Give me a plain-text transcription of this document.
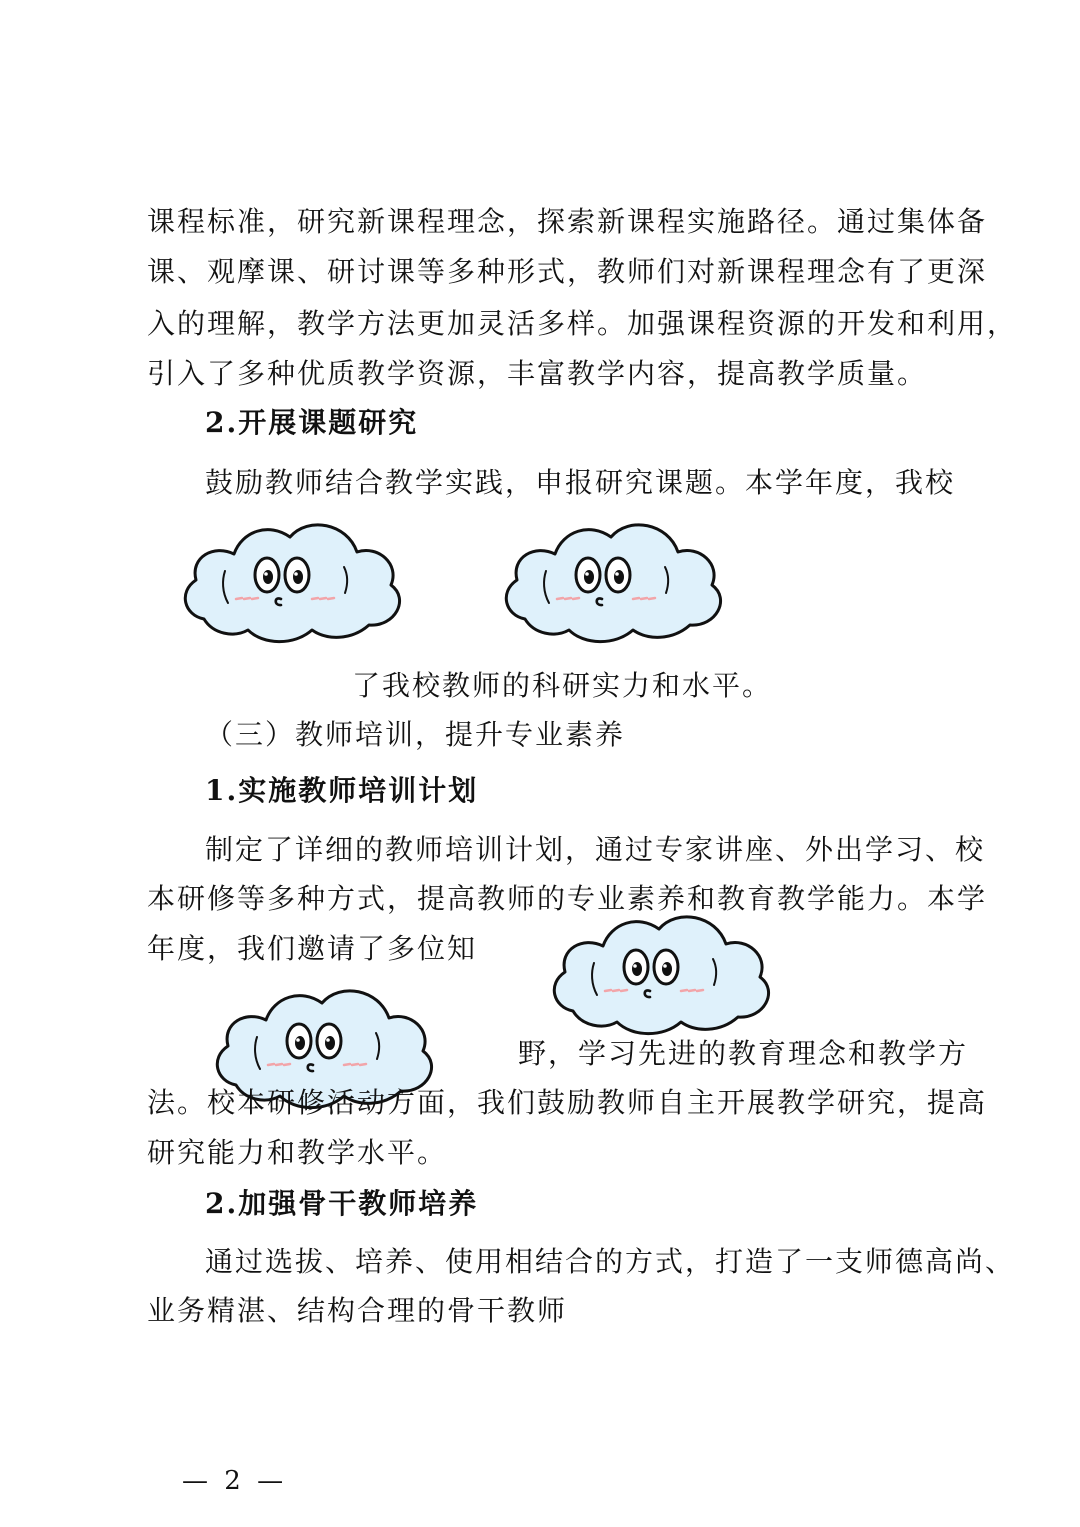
课程标准，研究新课程理念，探索新课程实施路径。通过集体备
课、观摩课、研讨课等多种形式，教师们对新课程理念有了更深
入的理解，教学方法更加灵活多样。加强课程资源的开发和利用，
引入了多种优质教学资源，丰富教学内容，提高教学质量。
2.开展课题研究
鼓励教师结合教学实践，申报研究课题。本学年度，我校
了我校教师的科研实力和水平。
（三）教师培训，提升专业素养
1.实施教师培训计划
制定了详细的教师培训计划，通过专家讲座、外出学习、校
本研修等多种方式，提高教师的专业素养和教育教学能力。本学
年度，我们邀请了多位知
野，学习先进的教育理念和教学方
法。校本研修活动方面，我们鼓励教师自主开展教学研究，提高
研究能力和教学水平。
2.加强骨干教师培养
通过选拔、培养、使用相结合的方式，打造了一支师德高尚、
业务精湛、结构合理的骨干教师
— 2 —
